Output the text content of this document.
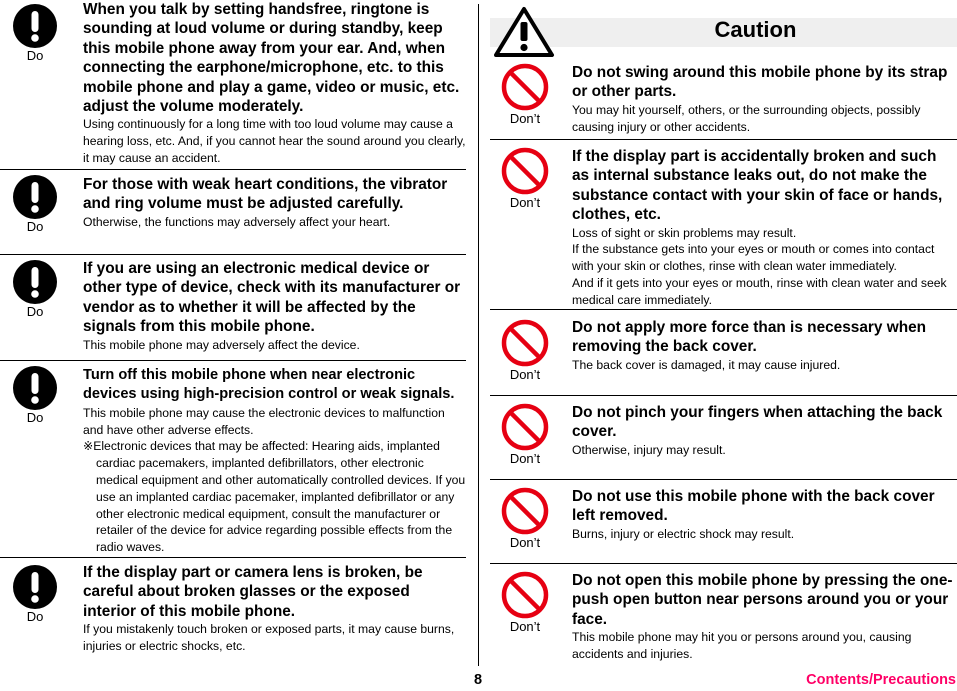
Do

When you talk by setting handsfree, ringtone is sounding at loud volume or during standby, keep this mobile phone away from your ear. And, when connecting the earphone/microphone, etc. to this mobile phone and play a game, video or music, etc. adjust the volume moderately.

Using continuously for a long time with too loud volume may cause a hearing loss, etc. And, if you cannot hear the sound around you clearly, it may cause an accident.

Do

For those with weak heart conditions, the vibrator and ring volume must be adjusted carefully.

Otherwise, the functions may adversely affect your heart.

Do

If you are using an electronic medical device or other type of device, check with its manufacturer or vendor as to whether it will be affected by the signals from this mobile phone.

This mobile phone may adversely affect the device.

Do

Turn off this mobile phone when near electronic devices using high-precision control or weak signals.

This mobile phone may cause the electronic devices to malfunction and have other adverse effects.

※Electronic devices that may be affected: Hearing aids, implanted cardiac pacemakers, implanted defibrillators, other electronic medical equipment and other automatically controlled devices. If you use an implanted cardiac pacemaker, implanted defibrillator or any other electronic medical equipment, consult the manufacturer or retailer of the device for advice regarding possible effects from the radio waves.

Do

If the display part or camera lens is broken, be careful about broken glasses or the exposed interior of this mobile phone.

If you mistakenly touch broken or exposed parts, it may cause burns, injuries or electric shocks, etc.

Caution
Don’t

Do not swing around this mobile phone by its strap or other parts.

You may hit yourself, others, or the surrounding objects, possibly causing injury or other accidents.

Don’t

If the display part is accidentally broken and such as internal substance leaks out, do not make the substance contact with your skin of face or hands, clothes, etc.

Loss of sight or skin problems may result.

If the substance gets into your eyes or mouth or comes into contact with your skin or clothes, rinse with clean water immediately.

And if it gets into your eyes or mouth, rinse with clean water and seek medical care immediately.

Don’t

Do not apply more force than is necessary when removing the back cover.

The back cover is damaged, it may cause injured.

Don’t

Do not pinch your fingers when attaching the back cover.

Otherwise, injury may result.

Don’t

Do not use this mobile phone with the back cover left removed.

Burns, injury or electric shock may result.

Don’t

Do not open this mobile phone by pressing the one-push open button near persons around you or your face.

This mobile phone may hit you or persons around you, causing accidents and injuries.

8	Contents/Precautions
